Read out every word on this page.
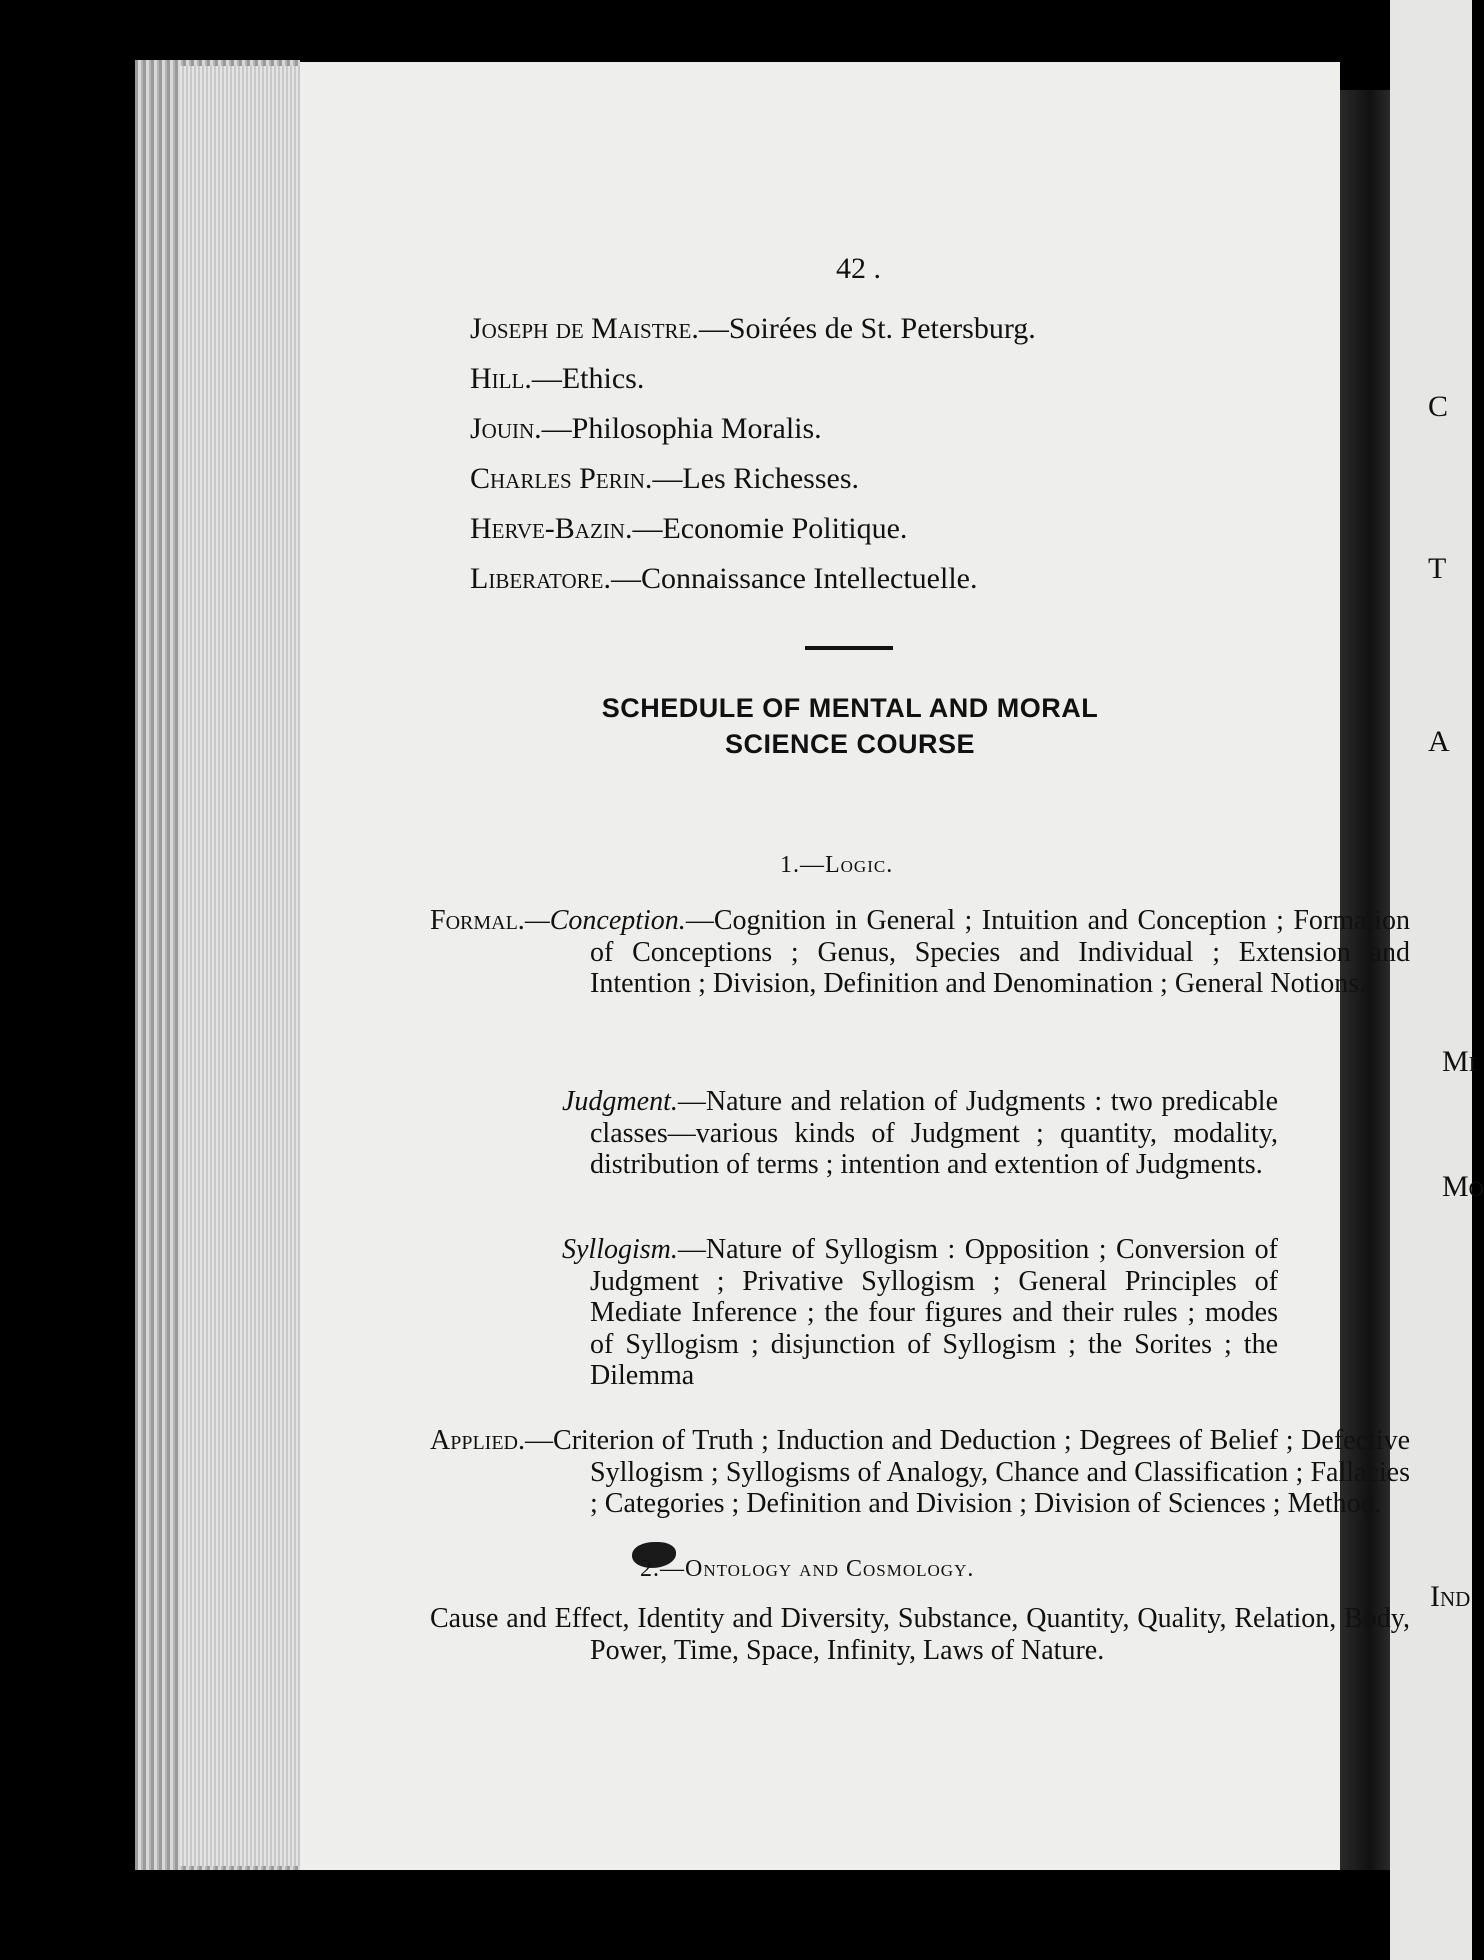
C
T
A
Mi
Mo
Ind
42 .
Joseph de Maistre.—Soirées de St. Petersburg.
Hill.—Ethics.
Jouin.—Philosophia Moralis.
Charles Perin.—Les Richesses.
Herve-Bazin.—Economie Politique.
Liberatore.—Connaissance Intellectuelle.
SCHEDULE OF MENTAL AND MORAL
SCIENCE COURSE
1.—Logic.
Formal.—Conception.—Cognition in General ; Intuition and Conception ; Formation of Conceptions ; Genus, Species and Individual ; Extension and Intention ; Division, Definition and Denomination ; General Notions.
Judgment.—Nature and relation of Judgments : two predicable classes—various kinds of Judgment ; quantity, modality, distribution of terms ; intention and extention of Judgments.
Syllogism.—Nature of Syllogism : Opposition ; Conversion of Judgment ; Privative Syllogism ; General Principles of Mediate Inference ; the four figures and their rules ; modes of Syllogism ; disjunction of Syllogism ; the Sorites ; the Dilemma
Applied.—Criterion of Truth ; Induction and Deduction ; Degrees of Belief ; Defective Syllogism ; Syllogisms of Analogy, Chance and Classification ; Fallacies ; Categories ; Definition and Division ; Division of Sciences ; Method.
2.—Ontology and Cosmology.
Cause and Effect, Identity and Diversity, Substance, Quantity, Quality, Relation, Body, Power, Time, Space, Infinity, Laws of Nature.
